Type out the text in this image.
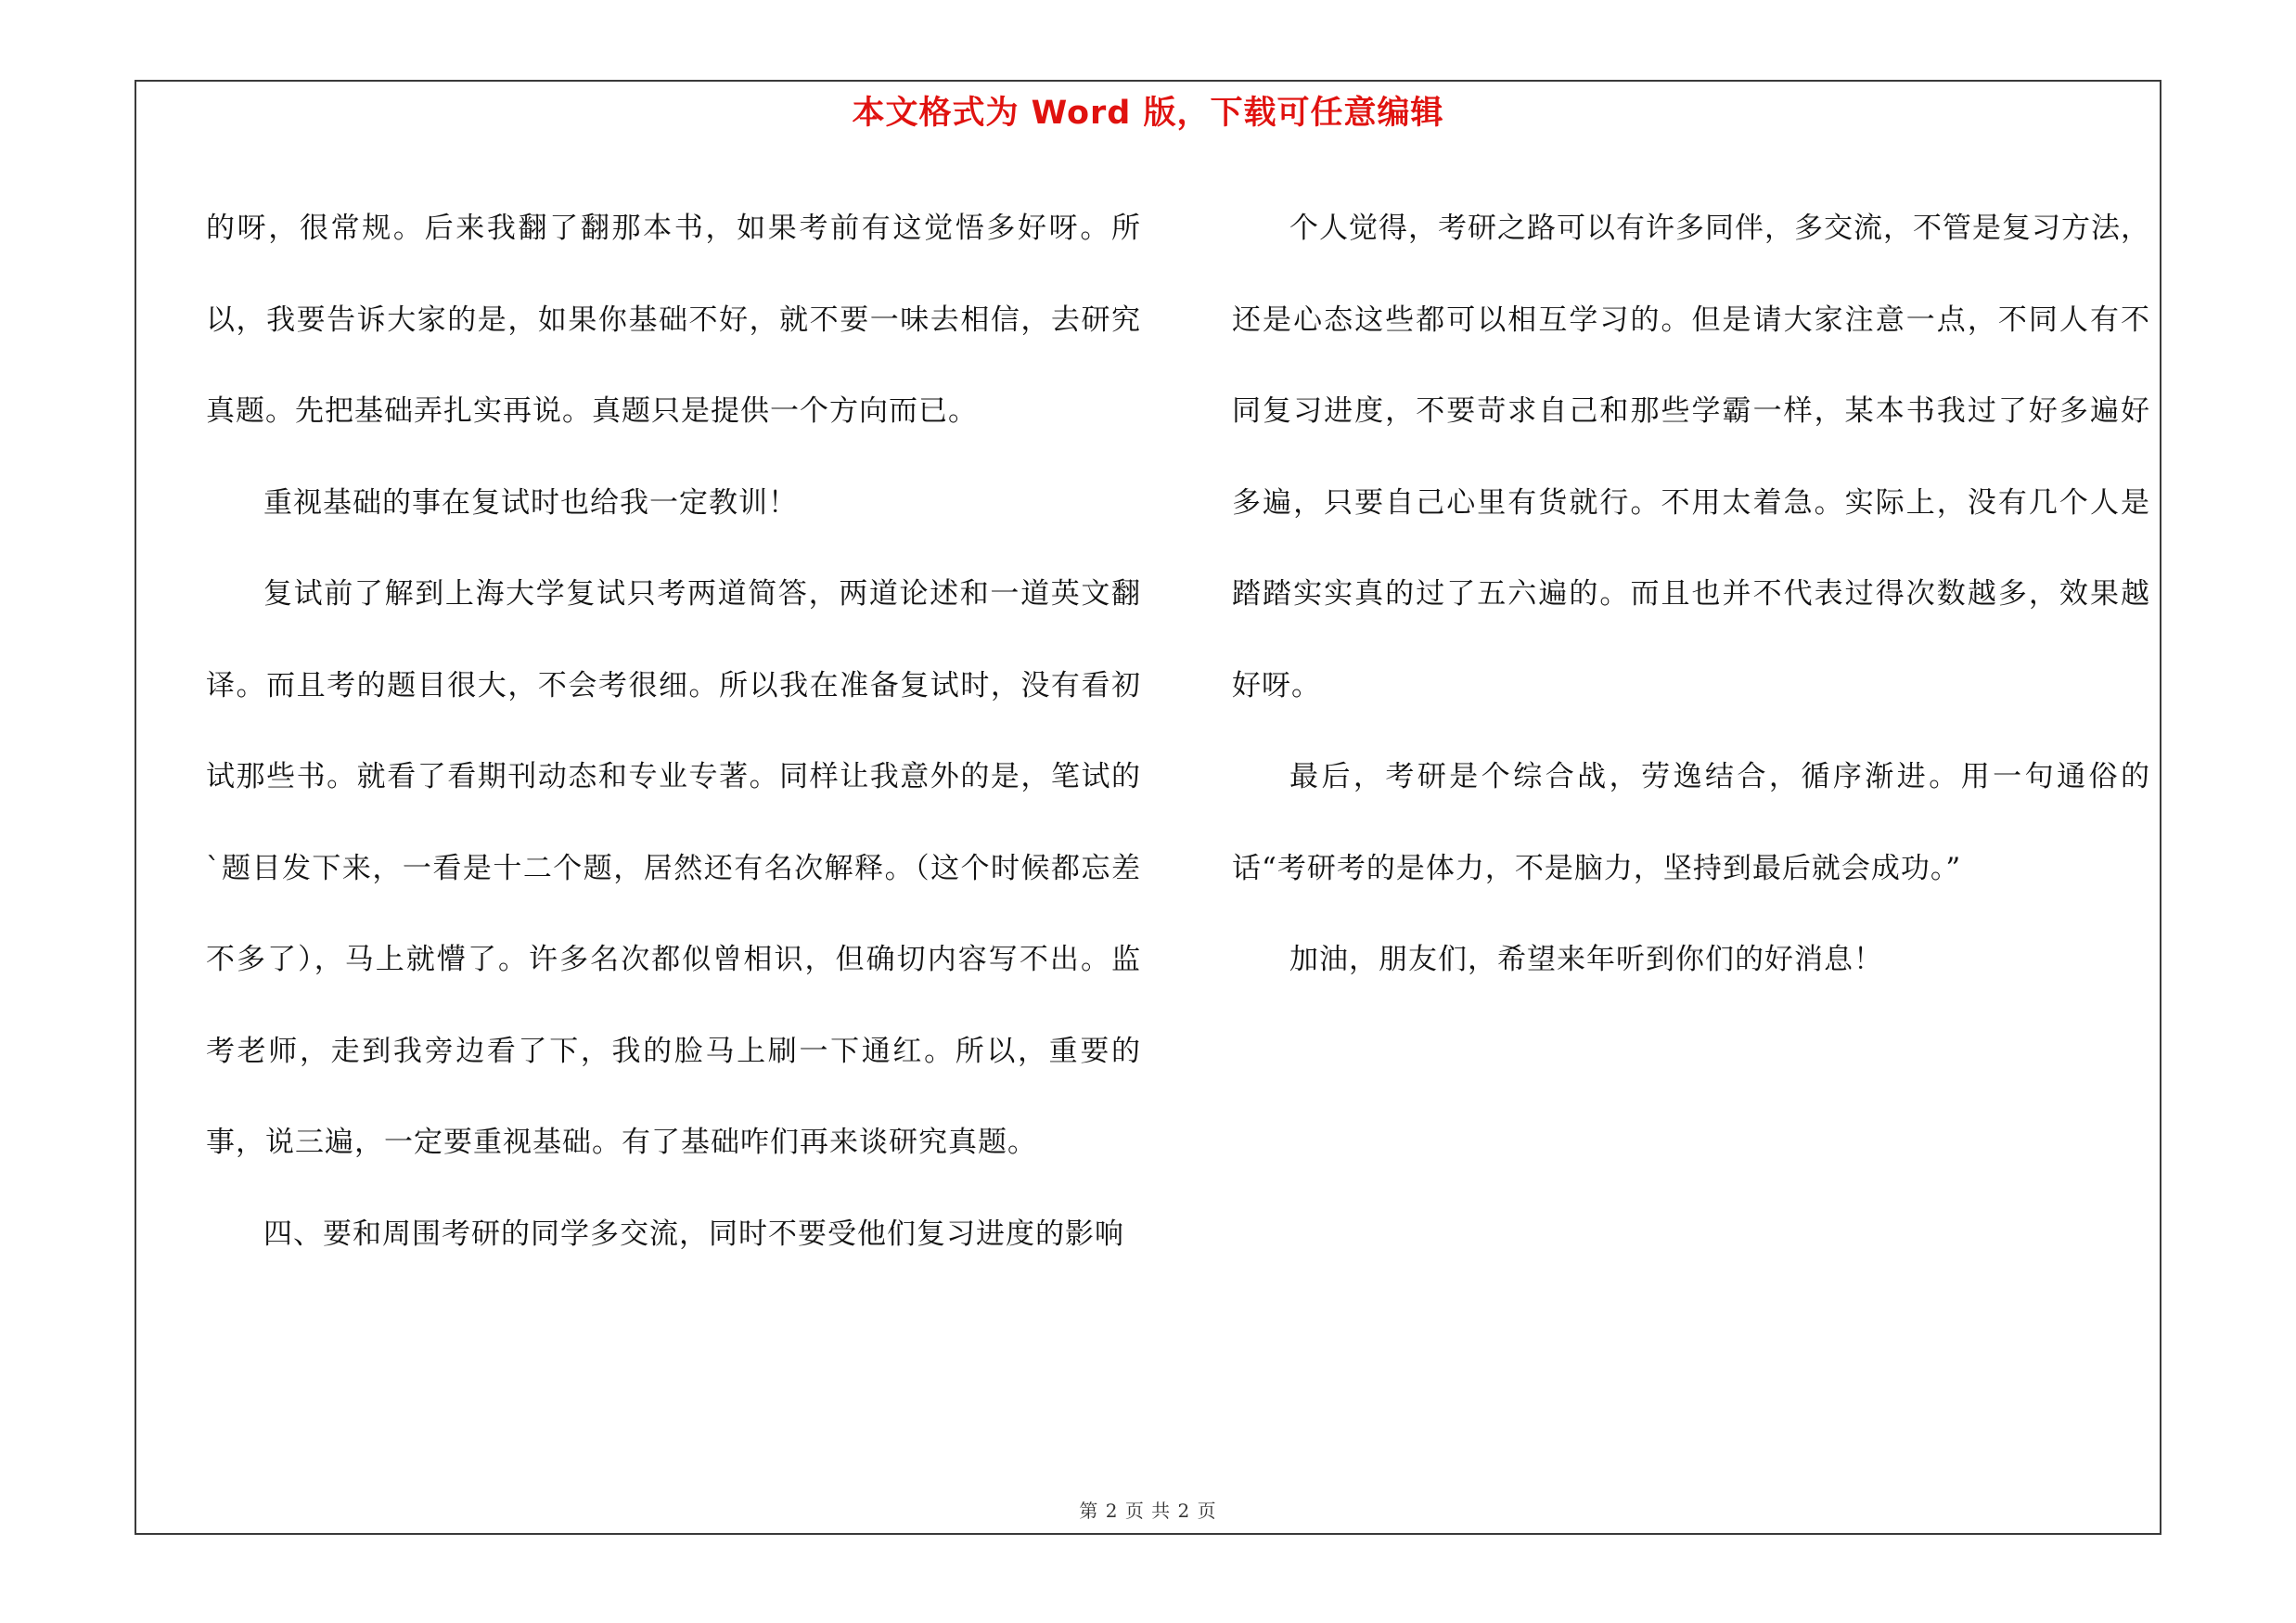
本文格式为 Word 版，下载可任意编辑

的呀，很常规。后来我翻了翻那本书，如果考前有这觉悟多好呀。所以，我要告诉大家的是，如果你基础不好，就不要一味去相信，去研究真题。先把基础弄扎实再说。真题只是提供一个方向而已。

重视基础的事在复试时也给我一定教训！

复试前了解到上海大学复试只考两道简答，两道论述和一道英文翻译。而且考的题目很大，不会考很细。所以我在准备复试时，没有看初试那些书。就看了看期刊动态和专业专著。同样让我意外的是，笔试的`题目发下来，一看是十二个题，居然还有名次解释。（这个时候都忘差不多了），马上就懵了。许多名次都似曾相识，但确切内容写不出。监考老师，走到我旁边看了下，我的脸马上刷一下通红。所以，重要的事，说三遍，一定要重视基础。有了基础咋们再来谈研究真题。

四、要和周围考研的同学多交流，同时不要受他们复习进度的影响

个人觉得，考研之路可以有许多同伴，多交流，不管是复习方法，还是心态这些都可以相互学习的。但是请大家注意一点，不同人有不同复习进度，不要苛求自己和那些学霸一样，某本书我过了好多遍好多遍，只要自己心里有货就行。不用太着急。实际上，没有几个人是踏踏实实真的过了五六遍的。而且也并不代表过得次数越多，效果越好呀。

最后，考研是个综合战，劳逸结合，循序渐进。用一句通俗的话“考研考的是体力，不是脑力，坚持到最后就会成功。”

加油，朋友们，希望来年听到你们的好消息！

第 2 页 共 2 页
